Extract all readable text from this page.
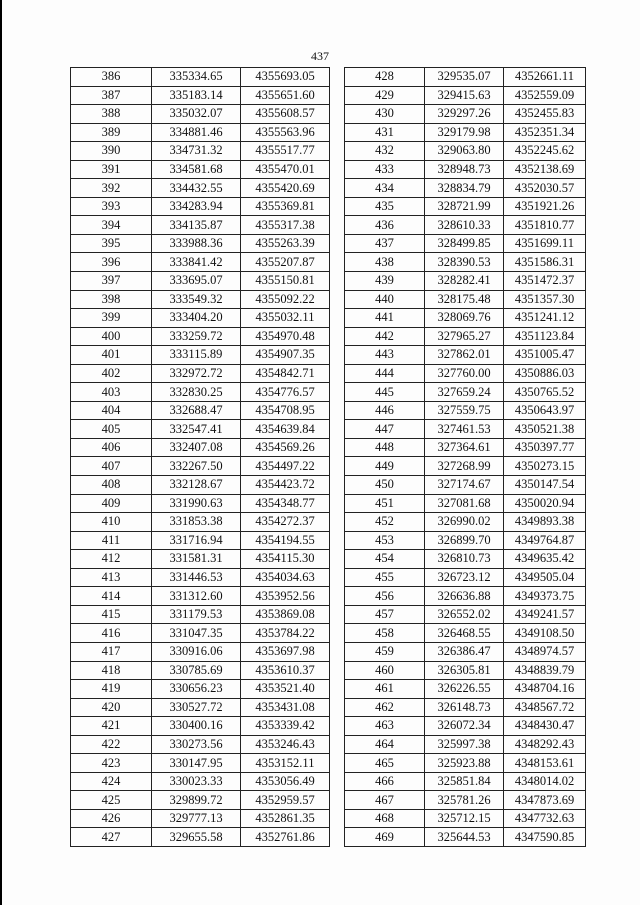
437
386	335334.65	4355693.05
387	335183.14	4355651.60
388	335032.07	4355608.57
389	334881.46	4355563.96
390	334731.32	4355517.77
391	334581.68	4355470.01
392	334432.55	4355420.69
393	334283.94	4355369.81
394	334135.87	4355317.38
395	333988.36	4355263.39
396	333841.42	4355207.87
397	333695.07	4355150.81
398	333549.32	4355092.22
399	333404.20	4355032.11
400	333259.72	4354970.48
401	333115.89	4354907.35
402	332972.72	4354842.71
403	332830.25	4354776.57
404	332688.47	4354708.95
405	332547.41	4354639.84
406	332407.08	4354569.26
407	332267.50	4354497.22
408	332128.67	4354423.72
409	331990.63	4354348.77
410	331853.38	4354272.37
411	331716.94	4354194.55
412	331581.31	4354115.30
413	331446.53	4354034.63
414	331312.60	4353952.56
415	331179.53	4353869.08
416	331047.35	4353784.22
417	330916.06	4353697.98
418	330785.69	4353610.37
419	330656.23	4353521.40
420	330527.72	4353431.08
421	330400.16	4353339.42
422	330273.56	4353246.43
423	330147.95	4353152.11
424	330023.33	4353056.49
425	329899.72	4352959.57
426	329777.13	4352861.35
427	329655.58	4352761.86
428	329535.07	4352661.11
429	329415.63	4352559.09
430	329297.26	4352455.83
431	329179.98	4352351.34
432	329063.80	4352245.62
433	328948.73	4352138.69
434	328834.79	4352030.57
435	328721.99	4351921.26
436	328610.33	4351810.77
437	328499.85	4351699.11
438	328390.53	4351586.31
439	328282.41	4351472.37
440	328175.48	4351357.30
441	328069.76	4351241.12
442	327965.27	4351123.84
443	327862.01	4351005.47
444	327760.00	4350886.03
445	327659.24	4350765.52
446	327559.75	4350643.97
447	327461.53	4350521.38
448	327364.61	4350397.77
449	327268.99	4350273.15
450	327174.67	4350147.54
451	327081.68	4350020.94
452	326990.02	4349893.38
453	326899.70	4349764.87
454	326810.73	4349635.42
455	326723.12	4349505.04
456	326636.88	4349373.75
457	326552.02	4349241.57
458	326468.55	4349108.50
459	326386.47	4348974.57
460	326305.81	4348839.79
461	326226.55	4348704.16
462	326148.73	4348567.72
463	326072.34	4348430.47
464	325997.38	4348292.43
465	325923.88	4348153.61
466	325851.84	4348014.02
467	325781.26	4347873.69
468	325712.15	4347732.63
469	325644.53	4347590.85
